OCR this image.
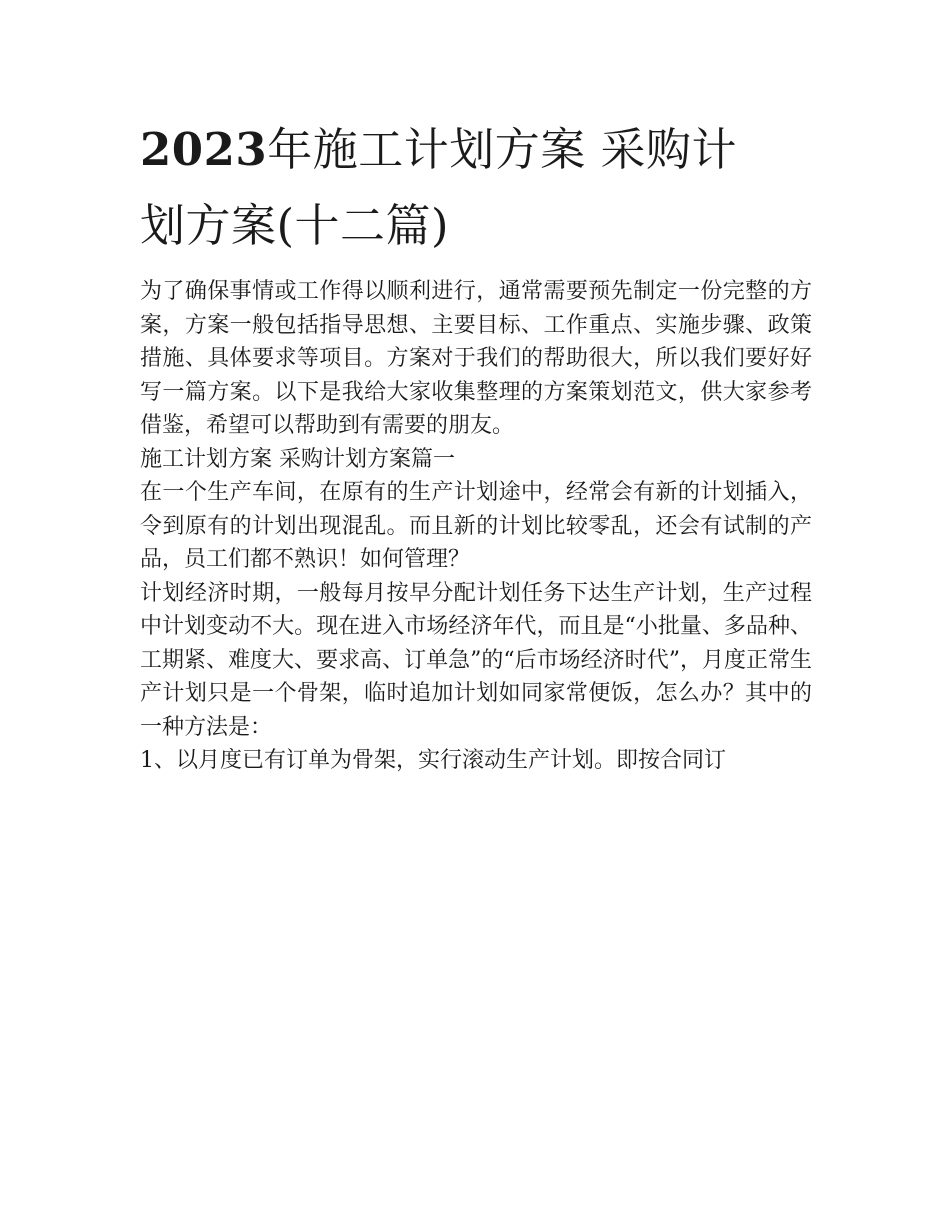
2023年施工计划方案 采购计
划方案(十二篇)

为了确保事情或工作得以顺利进行，通常需要预先制定一份完整的方案，方案一般包括指导思想、主要目标、工作重点、实施步骤、政策措施、具体要求等项目。方案对于我们的帮助很大，所以我们要好好写一篇方案。以下是我给大家收集整理的方案策划范文，供大家参考借鉴，希望可以帮助到有需要的朋友。

施工计划方案 采购计划方案篇一

在一个生产车间，在原有的生产计划途中，经常会有新的计划插入，令到原有的计划出现混乱。而且新的计划比较零乱，还会有试制的产品，员工们都不熟识！如何管理？

计划经济时期，一般每月按早分配计划任务下达生产计划，生产过程中计划变动不大。现在进入市场经济年代，而且是“小批量、多品种、工期紧、难度大、要求高、订单急”的“后市场经济时代”，月度正常生产计划只是一个骨架，临时追加计划如同家常便饭，怎么办？其中的一种方法是：

1、以月度已有订单为骨架，实行滚动生产计划。即按合同订
